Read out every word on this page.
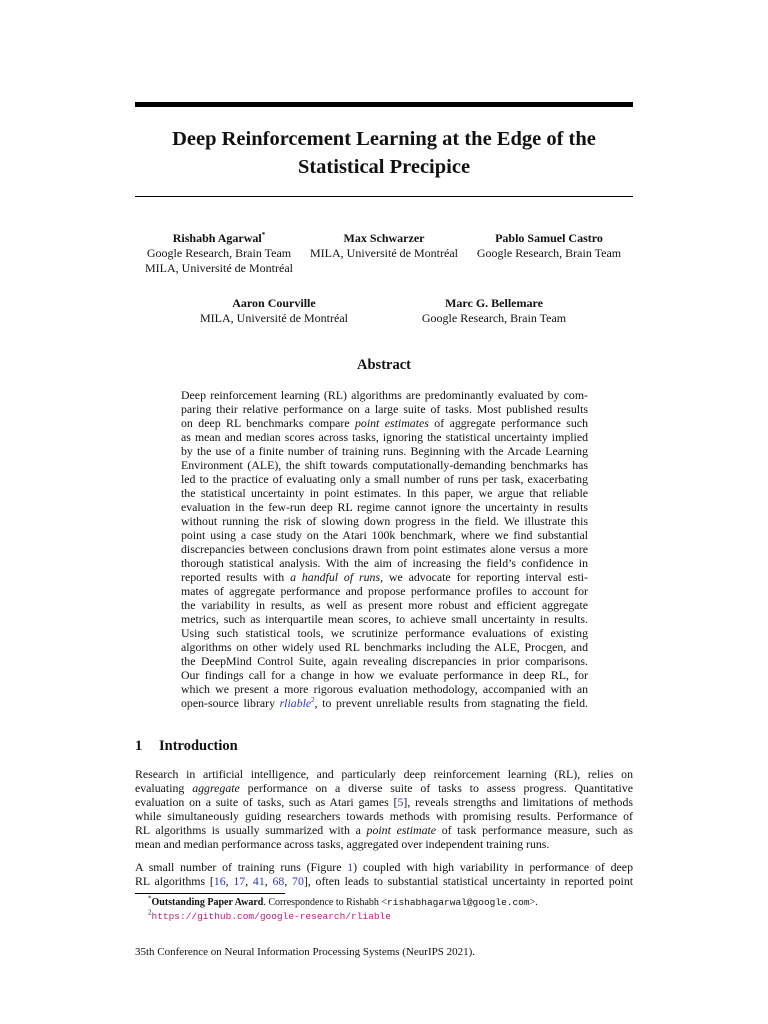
Deep Reinforcement Learning at the Edge of the
Statistical Precipice
Rishabh Agarwal*
Google Research, Brain Team
MILA, Université de Montréal
Max Schwarzer
MILA, Université de Montréal
Pablo Samuel Castro
Google Research, Brain Team
Aaron Courville
MILA, Université de Montréal
Marc G. Bellemare
Google Research, Brain Team
Abstract
Deep reinforcement learning (RL) algorithms are predominantly evaluated by com-
paring their relative performance on a large suite of tasks. Most published results
on deep RL benchmarks compare point estimates of aggregate performance such
as mean and median scores across tasks, ignoring the statistical uncertainty implied
by the use of a finite number of training runs. Beginning with the Arcade Learning
Environment (ALE), the shift towards computationally-demanding benchmarks has
led to the practice of evaluating only a small number of runs per task, exacerbating
the statistical uncertainty in point estimates. In this paper, we argue that reliable
evaluation in the few-run deep RL regime cannot ignore the uncertainty in results
without running the risk of slowing down progress in the field. We illustrate this
point using a case study on the Atari 100k benchmark, where we find substantial
discrepancies between conclusions drawn from point estimates alone versus a more
thorough statistical analysis. With the aim of increasing the field’s confidence in
reported results with a handful of runs, we advocate for reporting interval esti-
mates of aggregate performance and propose performance profiles to account for
the variability in results, as well as present more robust and efficient aggregate
metrics, such as interquartile mean scores, to achieve small uncertainty in results.
Using such statistical tools, we scrutinize performance evaluations of existing
algorithms on other widely used RL benchmarks including the ALE, Procgen, and
the DeepMind Control Suite, again revealing discrepancies in prior comparisons.
Our findings call for a change in how we evaluate performance in deep RL, for
which we present a more rigorous evaluation methodology, accompanied with an
open-source library rliable$^2$, to prevent unreliable results from stagnating the field.
1 Introduction
Research in artificial intelligence, and particularly deep reinforcement learning (RL), relies on
evaluating aggregate performance on a diverse suite of tasks to assess progress. Quantitative
evaluation on a suite of tasks, such as Atari games [5], reveals strengths and limitations of methods
while simultaneously guiding researchers towards methods with promising results. Performance of
RL algorithms is usually summarized with a point estimate of task performance measure, such as
mean and median performance across tasks, aggregated over independent training runs.
A small number of training runs (Figure 1) coupled with high variability in performance of deep
RL algorithms [16, 17, 41, 68, 70], often leads to substantial statistical uncertainty in reported point
*Outstanding Paper Award. Correspondence to Rishabh <rishabhagarwal@google.com>.
$^2$https://github.com/google-research/rliable
35th Conference on Neural Information Processing Systems (NeurIPS 2021).
